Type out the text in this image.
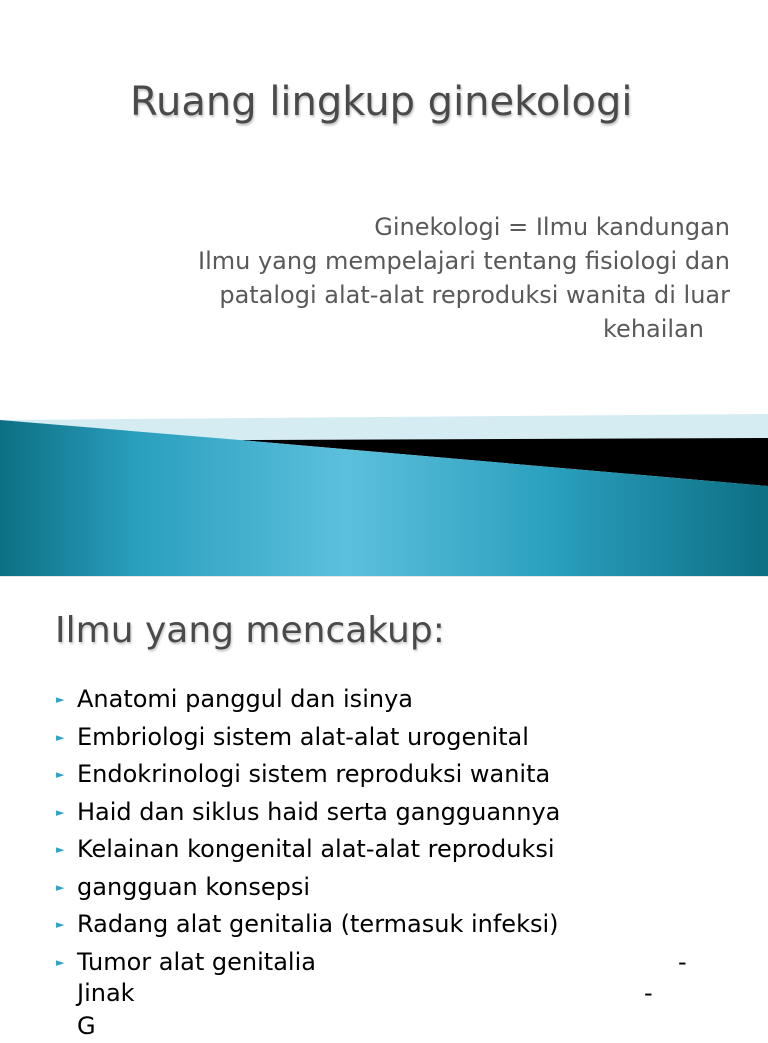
Ruang lingkup ginekologi
Ginekologi = Ilmu kandungan
Ilmu yang mempelajari tentang fisiologi dan
patalogi alat-alat reproduksi wanita di luar
kehailan
Ilmu yang mencakup:
► Anatomi panggul dan isinya
► Embriologi sistem alat-alat urogenital
► Endokrinologi sistem reproduksi wanita
► Haid dan siklus haid serta gangguannya
► Kelainan kongenital alat-alat reproduksi
► gangguan konsepsi
► Radang alat genitalia (termasuk infeksi)
► Tumor alat genitalia	-
Jinak	-
G
